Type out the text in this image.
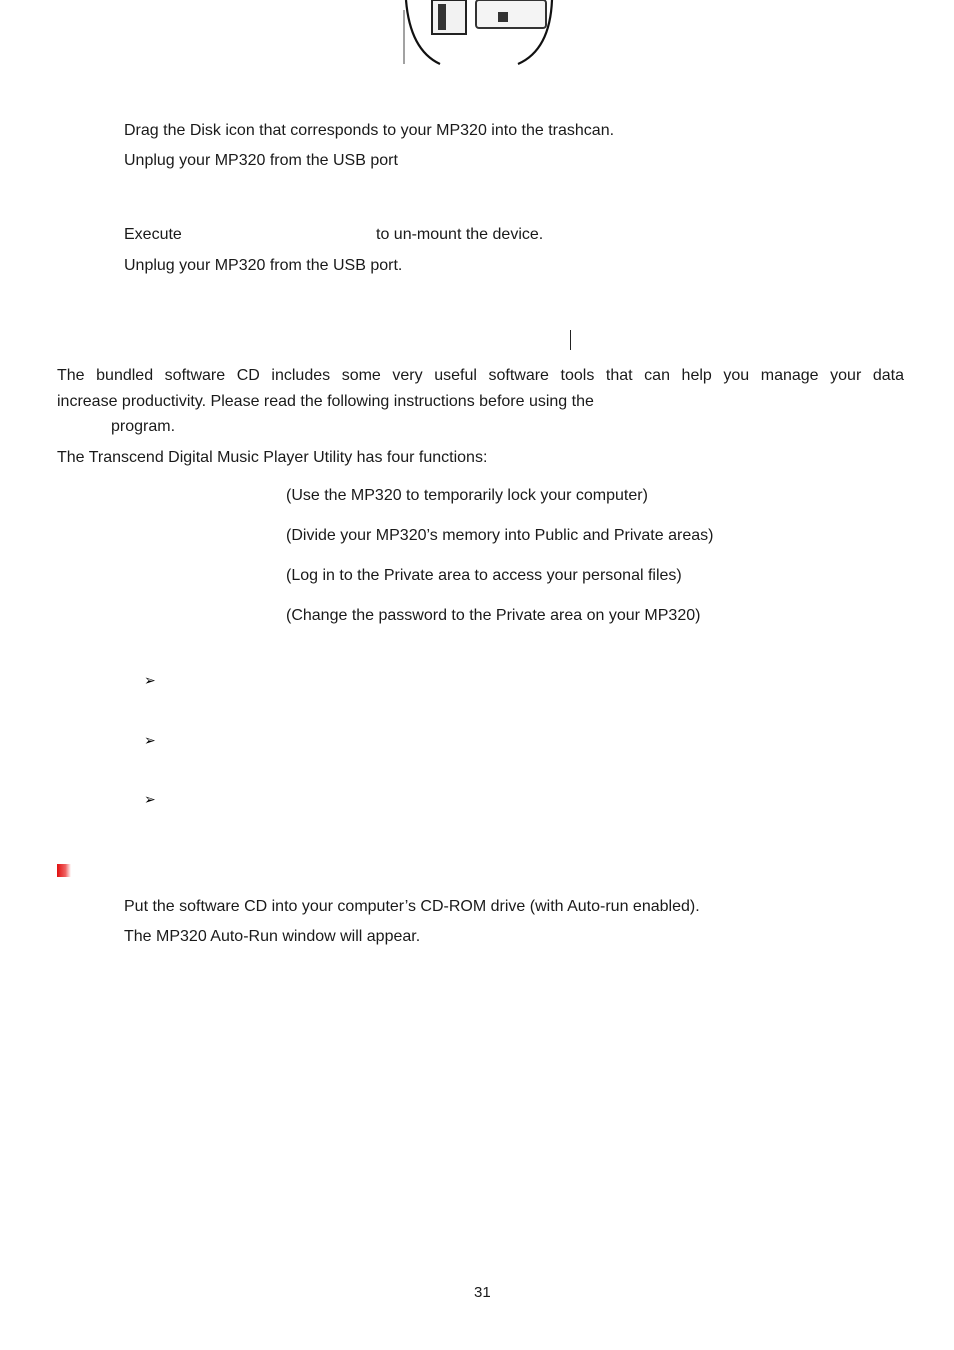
Drag the Disk icon that corresponds to your MP320 into the trashcan.
Unplug your MP320 from the USB port
Execute	to un-mount the device.
Unplug your MP320 from the USB port.
The bundled software CD includes some very useful software tools that can help you manage your data
increase productivity. Please read the following instructions before using the
program.
The Transcend Digital Music Player Utility has four functions:
(Use the MP320 to temporarily lock your computer)
(Divide your MP320’s memory into Public and Private areas)
(Log in to the Private area to access your personal files)
(Change the password to the Private area on your MP320)
➢
➢
➢
Put the software CD into your computer’s CD-ROM drive (with Auto-run enabled).
The MP320 Auto-Run window will appear.
31
